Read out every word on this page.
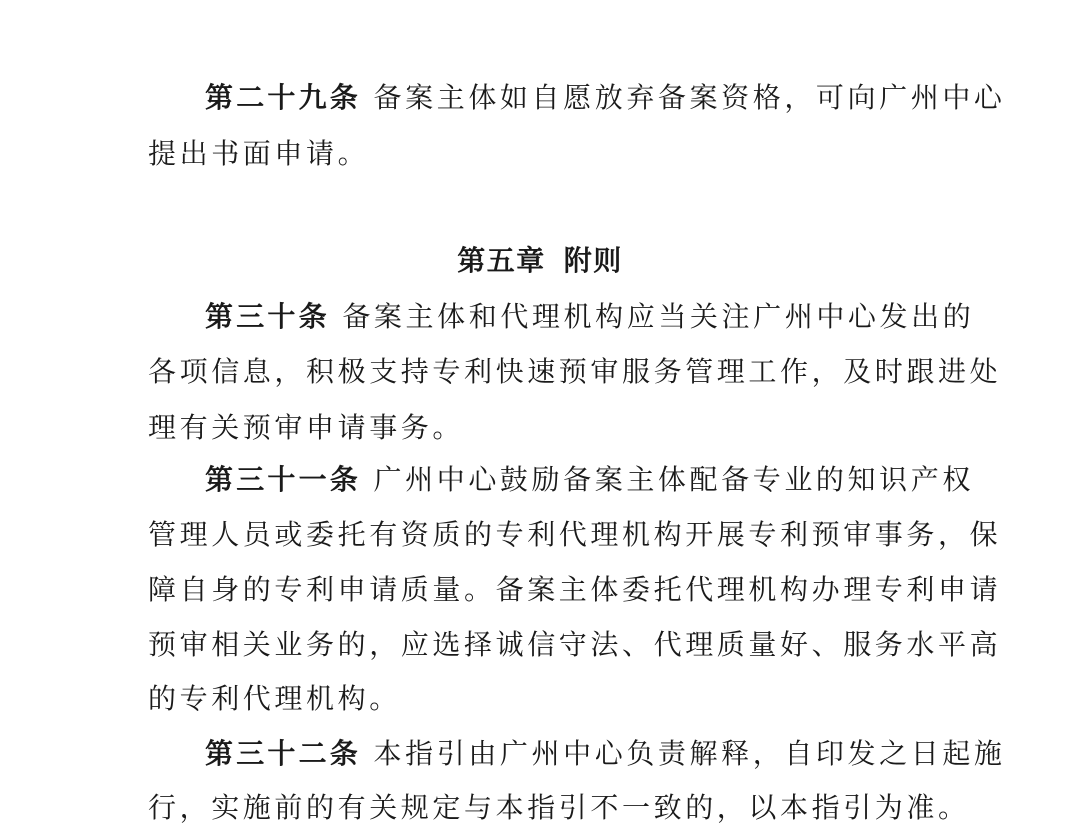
第二十九条 备案主体如自愿放弃备案资格，可向广州中心
提出书面申请。
第五章 附则
第三十条 备案主体和代理机构应当关注广州中心发出的
各项信息，积极支持专利快速预审服务管理工作，及时跟进处
理有关预审申请事务。
第三十一条 广州中心鼓励备案主体配备专业的知识产权
管理人员或委托有资质的专利代理机构开展专利预审事务，保
障自身的专利申请质量。备案主体委托代理机构办理专利申请
预审相关业务的，应选择诚信守法、代理质量好、服务水平高
的专利代理机构。
第三十二条 本指引由广州中心负责解释，自印发之日起施
行，实施前的有关规定与本指引不一致的，以本指引为准。
